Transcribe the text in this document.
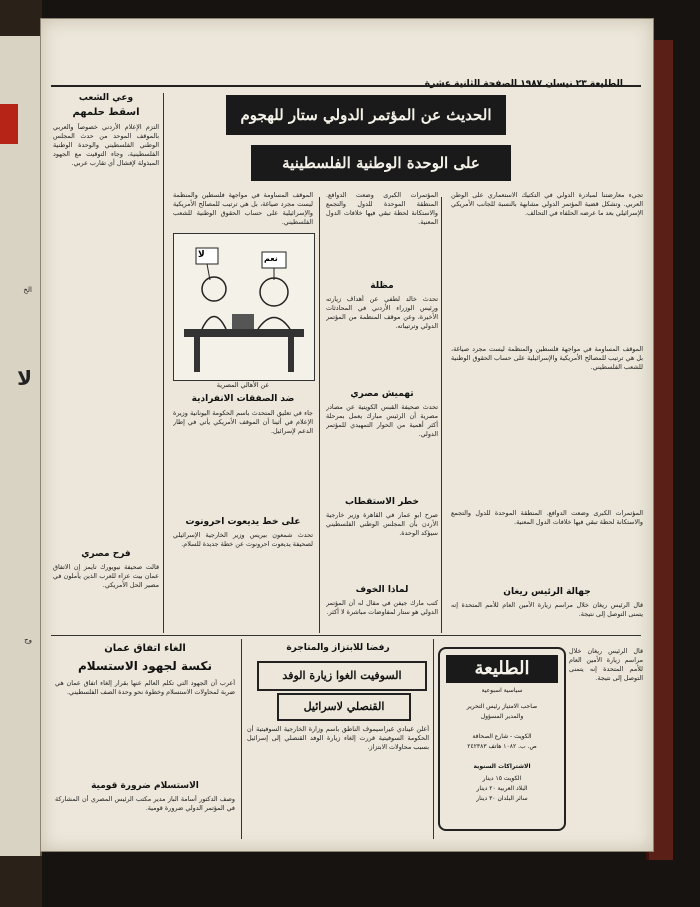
الخ
لا
وج
الطليعة ٢٣ نيسان ١٩٨٧ الصفحة الثانية عشرة
الحديث عن المؤتمر الدولي ستار للهجوم
على الوحدة الوطنية الفلسطينية
تجيء معارضتنا لمبادرة الدولي في التكتيك الاستعماري على الوطن العربي. وتشكل قضية المؤتمر الدولي مشابهة بالنسبة للجانب الأمريكي الإسرائيلي بعد ما عرضه الحلفاء في التحالف.
الموقف المساومة في مواجهة فلسطين والمنظمة ليست مجرد صياغة، بل هي ترتيب للمصالح الأمريكية والإسرائيلية على حساب الحقوق الوطنية للشعب الفلسطيني.
المؤتمرات الكبرى وضعت الدوافع. المنطقة الموحدة للدول والتجمع والاستكانة لحظة تبقي فيها خلافات الدول المعنية.
جهالة الرئيس ريغان
قال الرئيس ريغان خلال مراسم زيارة الأمين العام للأمم المتحدة إنه يتمنى التوصل إلى نتيجة.
المؤتمرات الكبرى وضعت الدوافع. المنطقة الموحدة للدول والتجمع والاستكانة لحظة تبقي فيها خلافات الدول المعنية.
مظلة
تحدث خالد لطفي عن أهداف زيارته ورئيس الوزراء الأردني في المحادثات الأخيرة، وعن موقف المنظمة من المؤتمر الدولي وترتيباته.
تهميش مصري
تحدث صحيفة القبس الكويتية عن مصادر مصرية أن الرئيس مبارك يعمل بمرحلة أكثر أهمية من الحوار التمهيدي للمؤتمر الدولي.
خطر الاستقطاب
صرح ابو عمار في القاهرة وزير خارجية الأردن بأن المجلس الوطني الفلسطيني سيؤكد الوحدة.
لماذا الخوف
كتب مارك جيفن في مقال له أن المؤتمر الدولي هو ستار لمفاوضات مباشرة لا أكثر.
الموقف المساومة في مواجهة فلسطين والمنظمة ليست مجرد صياغة، بل هي ترتيب للمصالح الأمريكية والإسرائيلية على حساب الحقوق الوطنية للشعب الفلسطيني.
لا	نعم
عن الأهالي المصرية
ضد الصفقات الانفرادية
جاء في تعليق المتحدث باسم الحكومة اليونانية وزيرة الإعلام في أثينا أن الموقف الأمريكي يأتي في إطار الدعم لإسرائيل.
على خط يديعوت احرونوت
تحدث شمعون بيريس وزير الخارجية الإسرائيلي لصحيفة يديعوت احرونوت عن خطة جديدة للسلام.
وعي الشعب
اسقط حلمهم
التزم الإعلام الأردني خصوصاً والعربي بالموقف الموحد من حدث المجلس الوطني الفلسطيني والوحدة الوطنية الفلسطينية، وجاء التوقيت مع الجهود المبذولة لإفشال أي تقارب عربي.
فرح مصري
قالت صحيفة نيويورك تايمز إن الاتفاق عمان بيت عزاء للعرب الذين يأملون في مصير الحل الأمريكي.
الغاء اتفاق عمان
نكسة لجهود الاستسلام
أعرب أن الجهود التي تكلم العالم عنها بقرار إلغاء اتفاق عمان هي ضربة لمحاولات الاستسلام وخطوة نحو وحدة الصف الفلسطيني.
الاستسلام ضرورة قومية
وصف الدكتور أسامة الباز مدير مكتب الرئيس المصري أن المشاركة في المؤتمر الدولي ضرورة قومية.
رفضا للابتزاز والمتاجرة
السوفيت الغوا زيارة الوفد
القنصلي لاسرائيل
أعلن غينادي غيراسيموف الناطق باسم وزارة الخارجية السوفيتية أن الحكومة السوفيتية قررت إلغاء زيارة الوفد القنصلي إلى إسرائيل بسبب محاولات الابتزاز.
الطليعة
سياسية اسبوعية
صاحب الامتياز رئيس التحرير
والمدير المسؤول
الكويت - شارع الصحافة
ص. ب. ١٠٨٢ هاتف ٢٤٢٣٨٣
الاشتراكات السنوية
الكويت ١٥ دينار
البلاد العربية ٢٠ دينار
سائر البلدان ٣٠ دينار
قال الرئيس ريغان خلال مراسم زيارة الأمين العام للأمم المتحدة إنه يتمنى التوصل إلى نتيجة.
